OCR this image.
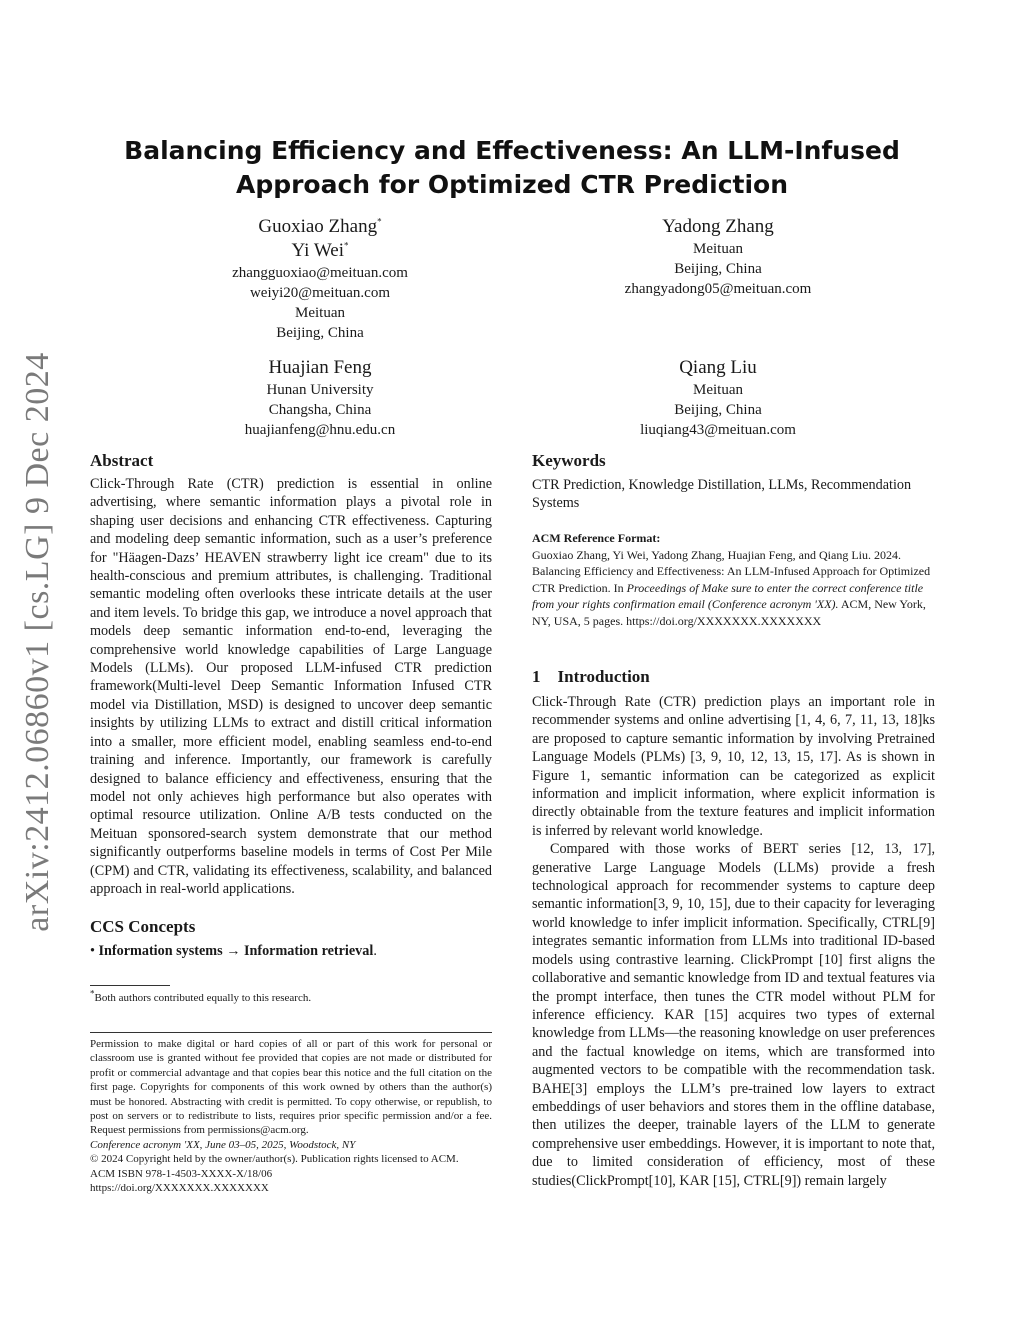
arXiv:2412.06860v1 [cs.LG] 9 Dec 2024
Balancing Efficiency and Effectiveness: An LLM-Infused
Approach for Optimized CTR Prediction
Guoxiao Zhang*
Yi Wei*
zhangguoxiao@meituan.com
weiyi20@meituan.com
Meituan
Beijing, China
Yadong Zhang
Meituan
Beijing, China
zhangyadong05@meituan.com
Huajian Feng
Hunan University
Changsha, China
huajianfeng@hnu.edu.cn
Qiang Liu
Meituan
Beijing, China
liuqiang43@meituan.com
Abstract

Click-Through Rate (CTR) prediction is essential in online advertising, where semantic information plays a pivotal role in shaping user decisions and enhancing CTR effectiveness. Capturing and modeling deep semantic information, such as a user’s preference for "Häagen-Dazs’ HEAVEN strawberry light ice cream" due to its health-conscious and premium attributes, is challenging. Traditional semantic modeling often overlooks these intricate details at the user and item levels. To bridge this gap, we introduce a novel approach that models deep semantic information end-to-end, leveraging the comprehensive world knowledge capabilities of Large Language Models (LLMs). Our proposed LLM-infused CTR prediction framework(Multi-level Deep Semantic Information Infused CTR model via Distillation, MSD) is designed to uncover deep semantic insights by utilizing LLMs to extract and distill critical information into a smaller, more efficient model, enabling seamless end-to-end training and inference. Importantly, our framework is carefully designed to balance efficiency and effectiveness, ensuring that the model not only achieves high performance but also operates with optimal resource utilization. Online A/B tests conducted on the Meituan sponsored-search system demonstrate that our method significantly outperforms baseline models in terms of Cost Per Mile (CPM) and CTR, validating its effectiveness, scalability, and balanced approach in real-world applications.

CCS Concepts
• Information systems → Information retrieval.
*Both authors contributed equally to this research.
Permission to make digital or hard copies of all or part of this work for personal or classroom use is granted without fee provided that copies are not made or distributed for profit or commercial advantage and that copies bear this notice and the full citation on the first page. Copyrights for components of this work owned by others than the author(s) must be honored. Abstracting with credit is permitted. To copy otherwise, or republish, to post on servers or to redistribute to lists, requires prior specific permission and/or a fee. Request permissions from permissions@acm.org.
Conference acronym 'XX, June 03–05, 2025, Woodstock, NY
© 2024 Copyright held by the owner/author(s). Publication rights licensed to ACM.
ACM ISBN 978-1-4503-XXXX-X/18/06
https://doi.org/XXXXXXX.XXXXXXX
Keywords

CTR Prediction, Knowledge Distillation, LLMs, Recommendation Systems

ACM Reference Format:
Guoxiao Zhang, Yi Wei, Yadong Zhang, Huajian Feng, and Qiang Liu. 2024. Balancing Efficiency and Effectiveness: An LLM-Infused Approach for Optimized CTR Prediction. In Proceedings of Make sure to enter the correct conference title from your rights confirmation email (Conference acronym 'XX). ACM, New York, NY, USA, 5 pages. https://doi.org/XXXXXXX.XXXXXXX
1    Introduction

Click-Through Rate (CTR) prediction plays an important role in recommender systems and online advertising [1, 4, 6, 7, 11, 13, 18]ks are proposed to capture semantic information by involving Pretrained Language Models (PLMs) [3, 9, 10, 12, 13, 15, 17]. As is shown in Figure 1, semantic information can be categorized as explicit information and implicit information, where explicit information is directly obtainable from the texture features and implicit information is inferred by relevant world knowledge.

Compared with those works of BERT series [12, 13, 17], generative Large Language Models (LLMs) provide a fresh technological approach for recommender systems to capture deep semantic information[3, 9, 10, 15], due to their capacity for leveraging world knowledge to infer implicit information. Specifically, CTRL[9] integrates semantic information from LLMs into traditional ID-based models using contrastive learning. ClickPrompt [10] first aligns the collaborative and semantic knowledge from ID and textual features via the prompt interface, then tunes the CTR model without PLM for inference efficiency. KAR [15] acquires two types of external knowledge from LLMs—the reasoning knowledge on user preferences and the factual knowledge on items, which are transformed into augmented vectors to be compatible with the recommendation task. BAHE[3] employs the LLM’s pre-trained low layers to extract embeddings of user behaviors and stores them in the offline database, then utilizes the deeper, trainable layers of the LLM to generate comprehensive user embeddings. However, it is important to note that, due to limited consideration of efficiency, most of these studies(ClickPrompt[10], KAR [15], CTRL[9]) remain largely
